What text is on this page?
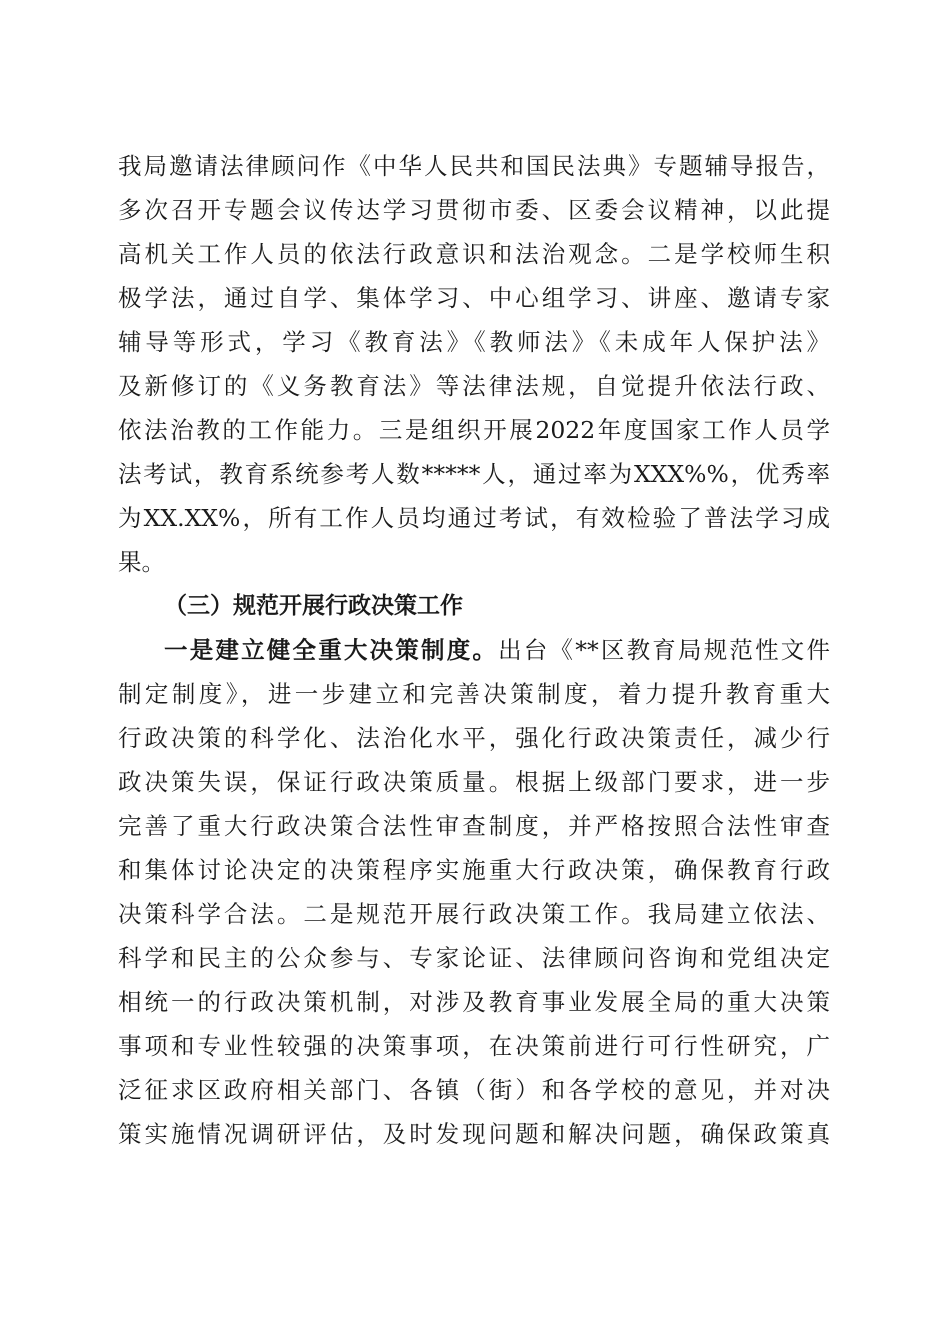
我局邀请法律顾问作《中华人民共和国民法典》专题辅导报告，
多次召开专题会议传达学习贯彻市委、区委会议精神，以此提
高机关工作人员的依法行政意识和法治观念。二是学校师生积
极学法，通过自学、集体学习、中心组学习、讲座、邀请专家
辅导等形式，学习《教育法》《教师法》《未成年人保护法》
及新修订的《义务教育法》等法律法规，自觉提升依法行政、
依法治教的工作能力。三是组织开展2022年度国家工作人员学
法考试，教育系统参考人数*****人，通过率为XXX%%，优秀率
为XX.XX%，所有工作人员均通过考试，有效检验了普法学习成
果。
（三）规范开展行政决策工作
一是建立健全重大决策制度。出台《**区教育局规范性文件
制定制度》，进一步建立和完善决策制度，着力提升教育重大
行政决策的科学化、法治化水平，强化行政决策责任，减少行
政决策失误，保证行政决策质量。根据上级部门要求，进一步
完善了重大行政决策合法性审查制度，并严格按照合法性审查
和集体讨论决定的决策程序实施重大行政决策，确保教育行政
决策科学合法。二是规范开展行政决策工作。我局建立依法、
科学和民主的公众参与、专家论证、法律顾问咨询和党组决定
相统一的行政决策机制，对涉及教育事业发展全局的重大决策
事项和专业性较强的决策事项，在决策前进行可行性研究，广
泛征求区政府相关部门、各镇（街）和各学校的意见，并对决
策实施情况调研评估，及时发现问题和解决问题，确保政策真
